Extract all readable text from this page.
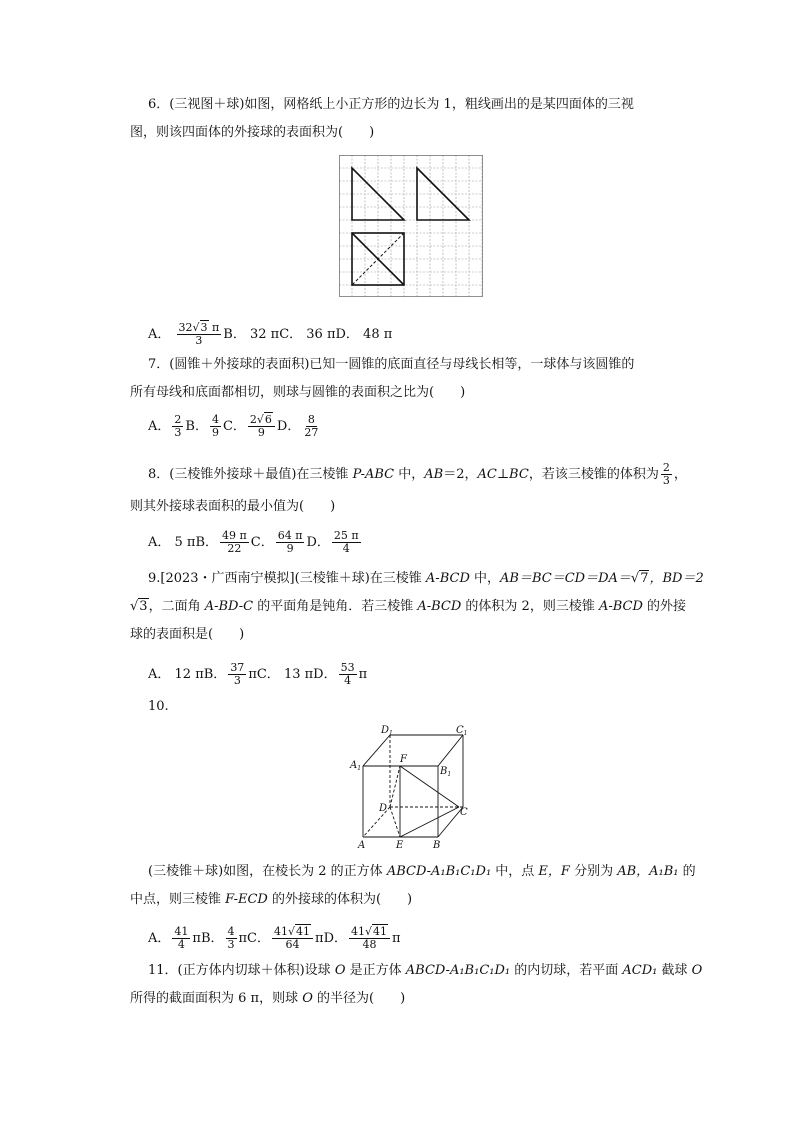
6．(三视图＋球)如图，网格纸上小正方形的边长为 1，粗线画出的是某四面体的三视
图，则该四面体的外接球的表面积为(　　)
A． $\frac{32√3 \pi}{3}$ B． 32 πC． 36 πD． 48 π
7．(圆锥＋外接球的表面积)已知一圆锥的底面直径与母线长相等，一球体与该圆锥的
所有母线和底面都相切，则球与圆锥的表面积之比为(　　)
A． $\frac{2}{3}$ B． $\frac{4}{9}$ C． $\frac{2√6}{9}$ D． $\frac{8}{27}$
8．(三棱锥外接球＋最值)在三棱锥 P-ABC 中，AB＝2，AC⊥BC，若该三棱锥的体积为 $\frac{2}{3}$ ，
则其外接球表面积的最小值为(　　)
A． 5 πB． $\frac{49 \pi}{22}$ C． $\frac{64 \pi}{9}$ D． $\frac{25 \pi}{4}$
9.[2023・广西南宁模拟](三棱锥＋球)在三棱锥 A-BCD 中，AB＝BC＝CD＝DA＝√7，BD＝2
√3，二面角 A-BD-C 的平面角是钝角．若三棱锥 A-BCD 的体积为 2，则三棱锥 A-BCD 的外接
球的表面积是(　　)
A． 12 πB． $\frac{37}{3}$ πC． 13 πD． $\frac{53}{4}$ π
10.
$D_1$	$C_1$
$A_1$	$B_1$
F
D	C
A	E	B
(三棱锥＋球)如图，在棱长为 2 的正方体 ABCD-A₁B₁C₁D₁ 中，点 E，F 分别为 AB，A₁B₁ 的
中点，则三棱锥 F-ECD 的外接球的体积为(　　)
A． $\frac{41}{4}$ πB． $\frac{4}{3}$ πC． $\frac{41√41}{64}$ πD． $\frac{41√41}{48}$ π
11．(正方体内切球＋体积)设球 O 是正方体 ABCD-A₁B₁C₁D₁ 的内切球，若平面 ACD₁ 截球 O
所得的截面面积为 6 π，则球 O 的半径为(　　)
